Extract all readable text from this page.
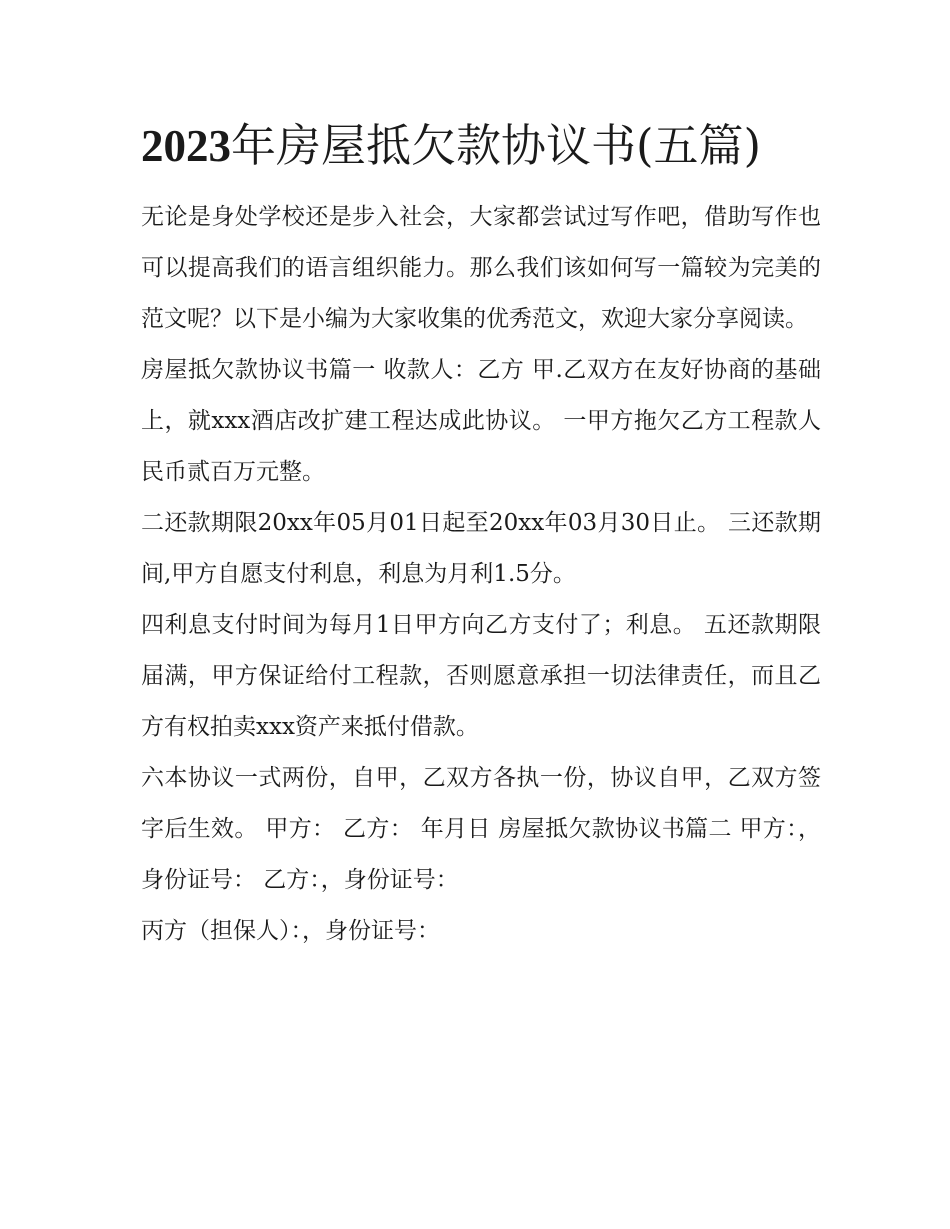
2023年房屋抵欠款协议书(五篇)

无论是身处学校还是步入社会，大家都尝试过写作吧，借助写作也可以提高我们的语言组织能力。那么我们该如何写一篇较为完美的范文呢？以下是小编为大家收集的优秀范文，欢迎大家分享阅读。

房屋抵欠款协议书篇一 收款人：乙方 甲.乙双方在友好协商的基础上，就xxx酒店改扩建工程达成此协议。 一甲方拖欠乙方工程款人民币贰百万元整。

二还款期限20xx年05月01日起至20xx年03月30日止。 三还款期间,甲方自愿支付利息，利息为月利1.5分。

四利息支付时间为每月1日甲方向乙方支付了；利息。 五还款期限届满，甲方保证给付工程款，否则愿意承担一切法律责任，而且乙方有权拍卖xxx资产来抵付借款。

六本协议一式两份，自甲，乙双方各执一份，协议自甲，乙双方签字后生效。 甲方： 乙方： 年月日 房屋抵欠款协议书篇二 甲方：，身份证号： 乙方：，身份证号：

丙方（担保人）：，身份证号：
